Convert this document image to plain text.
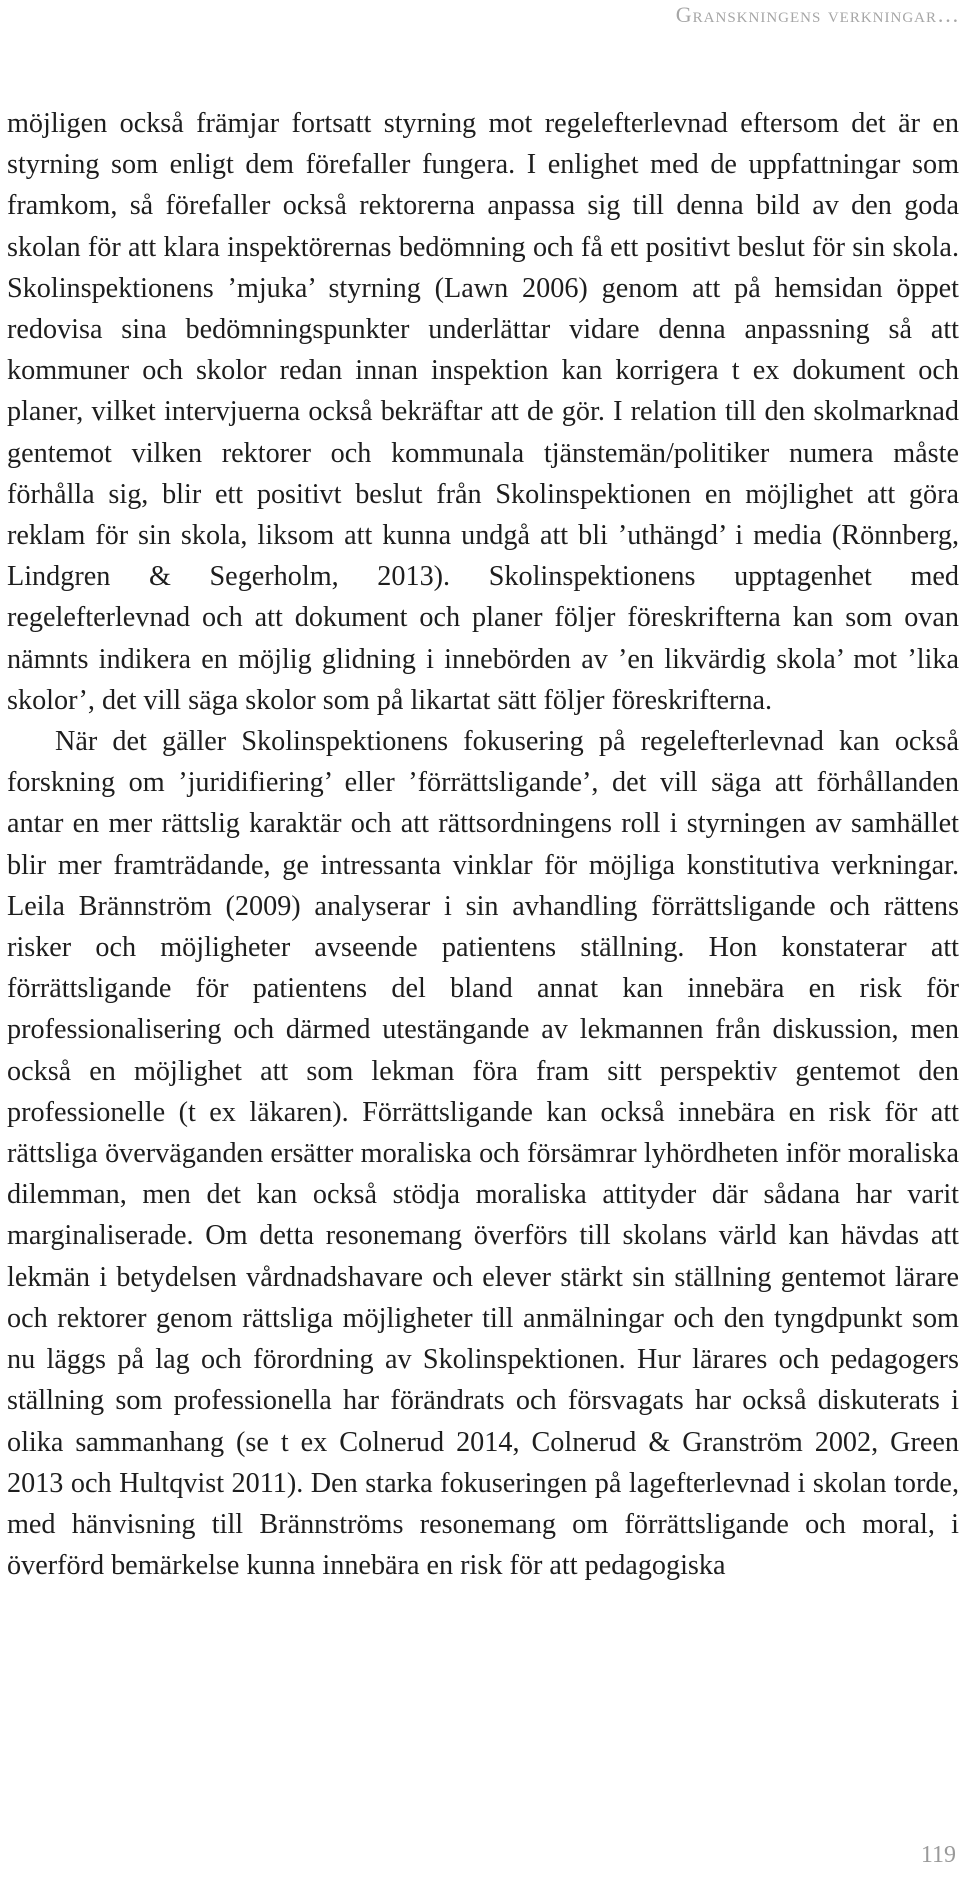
Granskningens verkningar…

möjligen också främjar fortsatt styrning mot regelefterlevnad eftersom det är en styrning som enligt dem förefaller fungera. I enlighet med de uppfattningar som framkom, så förefaller också rektorerna anpassa sig till denna bild av den goda skolan för att klara inspektörernas bedömning och få ett positivt beslut för sin skola. Skolinspektionens ’mjuka’ styrning (Lawn 2006) genom att på hemsidan öppet redovisa sina bedömningspunkter underlättar vidare denna anpassning så att kommuner och skolor redan innan inspektion kan korrigera t ex dokument och planer, vilket intervjuerna också bekräftar att de gör. I relation till den skolmarknad gentemot vilken rektorer och kommunala tjänstemän/politiker numera måste förhålla sig, blir ett positivt beslut från Skolinspektionen en möjlighet att göra reklam för sin skola, liksom att kunna undgå att bli ’uthängd’ i media (Rönnberg, Lindgren & Segerholm, 2013). Skolinspektionens upptagenhet med regelefterlevnad och att dokument och planer följer föreskrifterna kan som ovan nämnts indikera en möjlig glidning i innebörden av ’en likvärdig skola’ mot ’lika skolor’, det vill säga skolor som på likartat sätt följer föreskrifterna.

När det gäller Skolinspektionens fokusering på regelefterlevnad kan också forskning om ’juridifiering’ eller ’förrättsligande’, det vill säga att förhållanden antar en mer rättslig karaktär och att rättsordningens roll i styrningen av samhället blir mer framträdande, ge intressanta vinklar för möjliga konstitutiva verkningar. Leila Brännström (2009) analyserar i sin avhandling förrättsligande och rättens risker och möjligheter avseende patientens ställning. Hon konstaterar att förrättsligande för patientens del bland annat kan innebära en risk för professionalisering och därmed utestängande av lekmannen från diskussion, men också en möjlighet att som lekman föra fram sitt perspektiv gentemot den professionelle (t ex läkaren). Förrättsligande kan också innebära en risk för att rättsliga överväganden ersätter moraliska och försämrar lyhördheten inför moraliska dilemman, men det kan också stödja moraliska attityder där sådana har varit marginaliserade. Om detta resonemang överförs till skolans värld kan hävdas att lekmän i betydelsen vårdnadshavare och elever stärkt sin ställning gentemot lärare och rektorer genom rättsliga möjligheter till anmälningar och den tyngdpunkt som nu läggs på lag och förordning av Skolinspektionen. Hur lärares och pedagogers ställning som professionella har förändrats och försvagats har också diskuterats i olika sammanhang (se t ex Colnerud 2014, Colnerud & Granström 2002, Green 2013 och Hultqvist 2011). Den starka fokuseringen på lagefterlevnad i skolan torde, med hänvisning till Brännströms resonemang om förrättsligande och moral, i överförd bemärkelse kunna innebära en risk för att pedagogiska

119
